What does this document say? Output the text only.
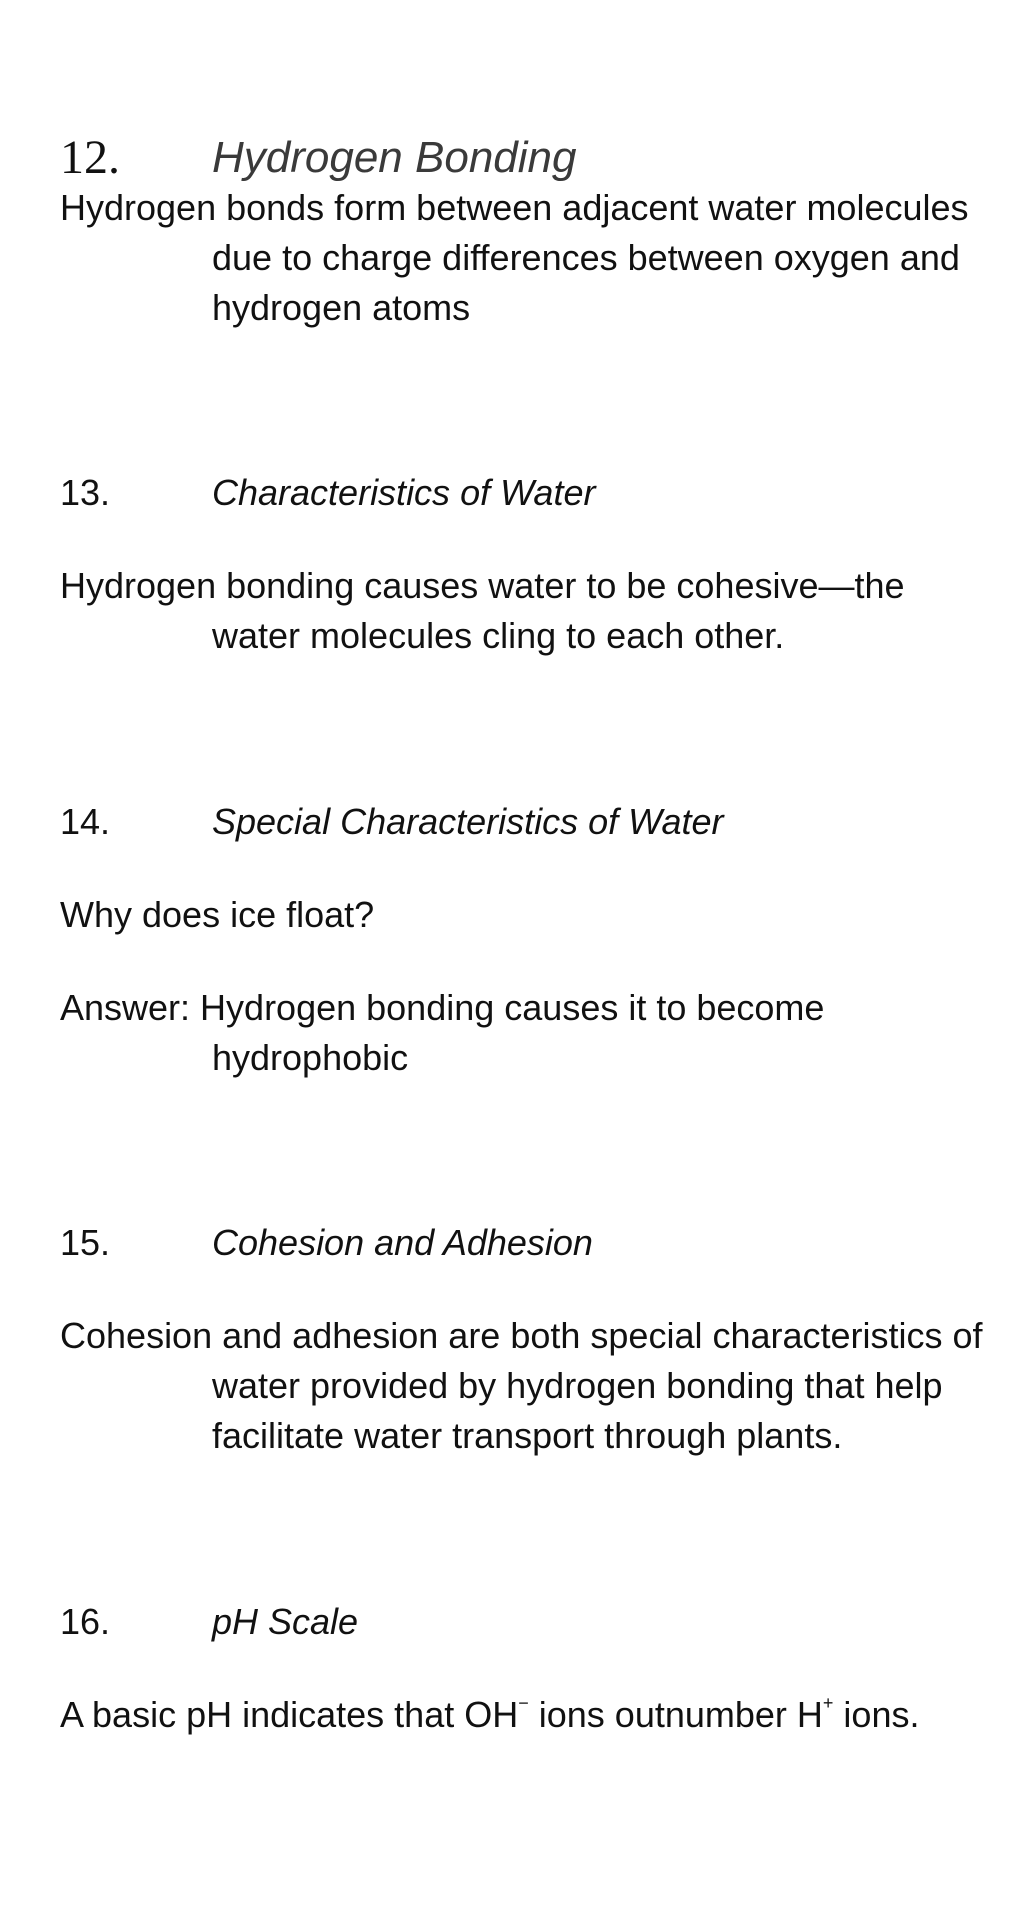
12. Hydrogen Bonding

Hydrogen bonds form between adjacent water molecules due to charge differences between oxygen and hydrogen atoms

13.	Characteristics of Water

Hydrogen bonding causes water to be cohesive—the water molecules cling to each other.

14.	Special Characteristics of Water

Why does ice float?

Answer: Hydrogen bonding causes it to become hydrophobic

15.	Cohesion and Adhesion

Cohesion and adhesion are both special characteristics of water provided by hydrogen bonding that help facilitate water transport through plants.

16.	pH Scale

A basic pH indicates that OH− ions outnumber H+ ions.
